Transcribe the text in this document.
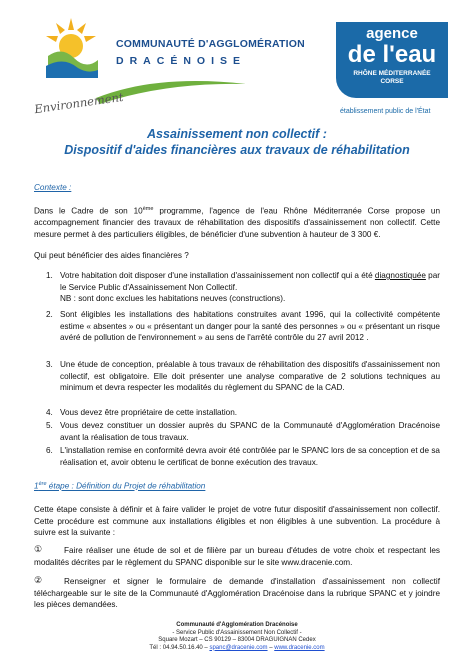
COMMUNAUTÉ D'AGGLOMÉRATION
DRACÉNOISE
Environnement
agence
de l'eau
RHÔNE MÉDITERRANÉE
CORSE
établissement public de l'État
Assainissement non collectif :
Dispositif d'aides financières aux travaux de réhabilitation
Contexte :
Dans le Cadre de son 10ème programme, l'agence de l'eau Rhône Méditerranée Corse propose un accompagnement financier des travaux de réhabilitation des dispositifs d'assainissement non collectif. Cette mesure permet à des particuliers éligibles, de bénéficier d'une subvention à hauteur de 3 300 €.
Qui peut bénéficier des aides financières ?
1. Votre habitation doit disposer d'une installation d'assainissement non collectif qui a été diagnostiquée par le Service Public d'Assainissement Non Collectif.
NB : sont donc exclues les habitations neuves (constructions).
2. Sont éligibles les installations des habitations construites avant 1996, qui la collectivité compétente estime « absentes » ou « présentant un danger pour la santé des personnes » ou « présentant un risque avéré de pollution de l'environnement » au sens de l'arrêté contrôle du 27 avril 2012 .
3. Une étude de conception, préalable à tous travaux de réhabilitation des dispositifs d'assainissement non collectif, est obligatoire. Elle doit présenter une analyse comparative de 2 solutions techniques au minimum et devra respecter les modalités du règlement du SPANC de la CAD.
4. Vous devez être propriétaire de cette installation.
5. Vous devez constituer un dossier auprès du SPANC de la Communauté d'Agglomération Dracénoise avant la réalisation de tous travaux.
6. L'installation remise en conformité devra avoir été contrôlée par le SPANC lors de sa conception et de sa réalisation et, avoir obtenu le certificat de bonne exécution des travaux.
1ère étape : Définition du Projet de réhabilitation
Cette étape consiste à définir et à faire valider le projet de votre futur dispositif d'assainissement non collectif. Cette procédure est commune aux installations éligibles et non éligibles à une subvention. La procédure à suivre est la suivante :
①	Faire réaliser une étude de sol et de filière par un bureau d'études de votre choix et respectant les modalités décrites par le règlement du SPANC disponible sur le site www.dracenie.com.
②	Renseigner et signer le formulaire de demande d'installation d'assainissement non collectif téléchargeable sur le site de la Communauté d'Agglomération Dracénoise dans la rubrique SPANC et y joindre les pièces demandées.
Communauté d'Agglomération Dracénoise
- Service Public d'Assainissement Non Collectif -
Square Mozart – CS 90129 – 83004 DRAGUIGNAN Cedex
Tél : 04.94.50.16.40 – spanc@dracenie.com – www.dracenie.com
